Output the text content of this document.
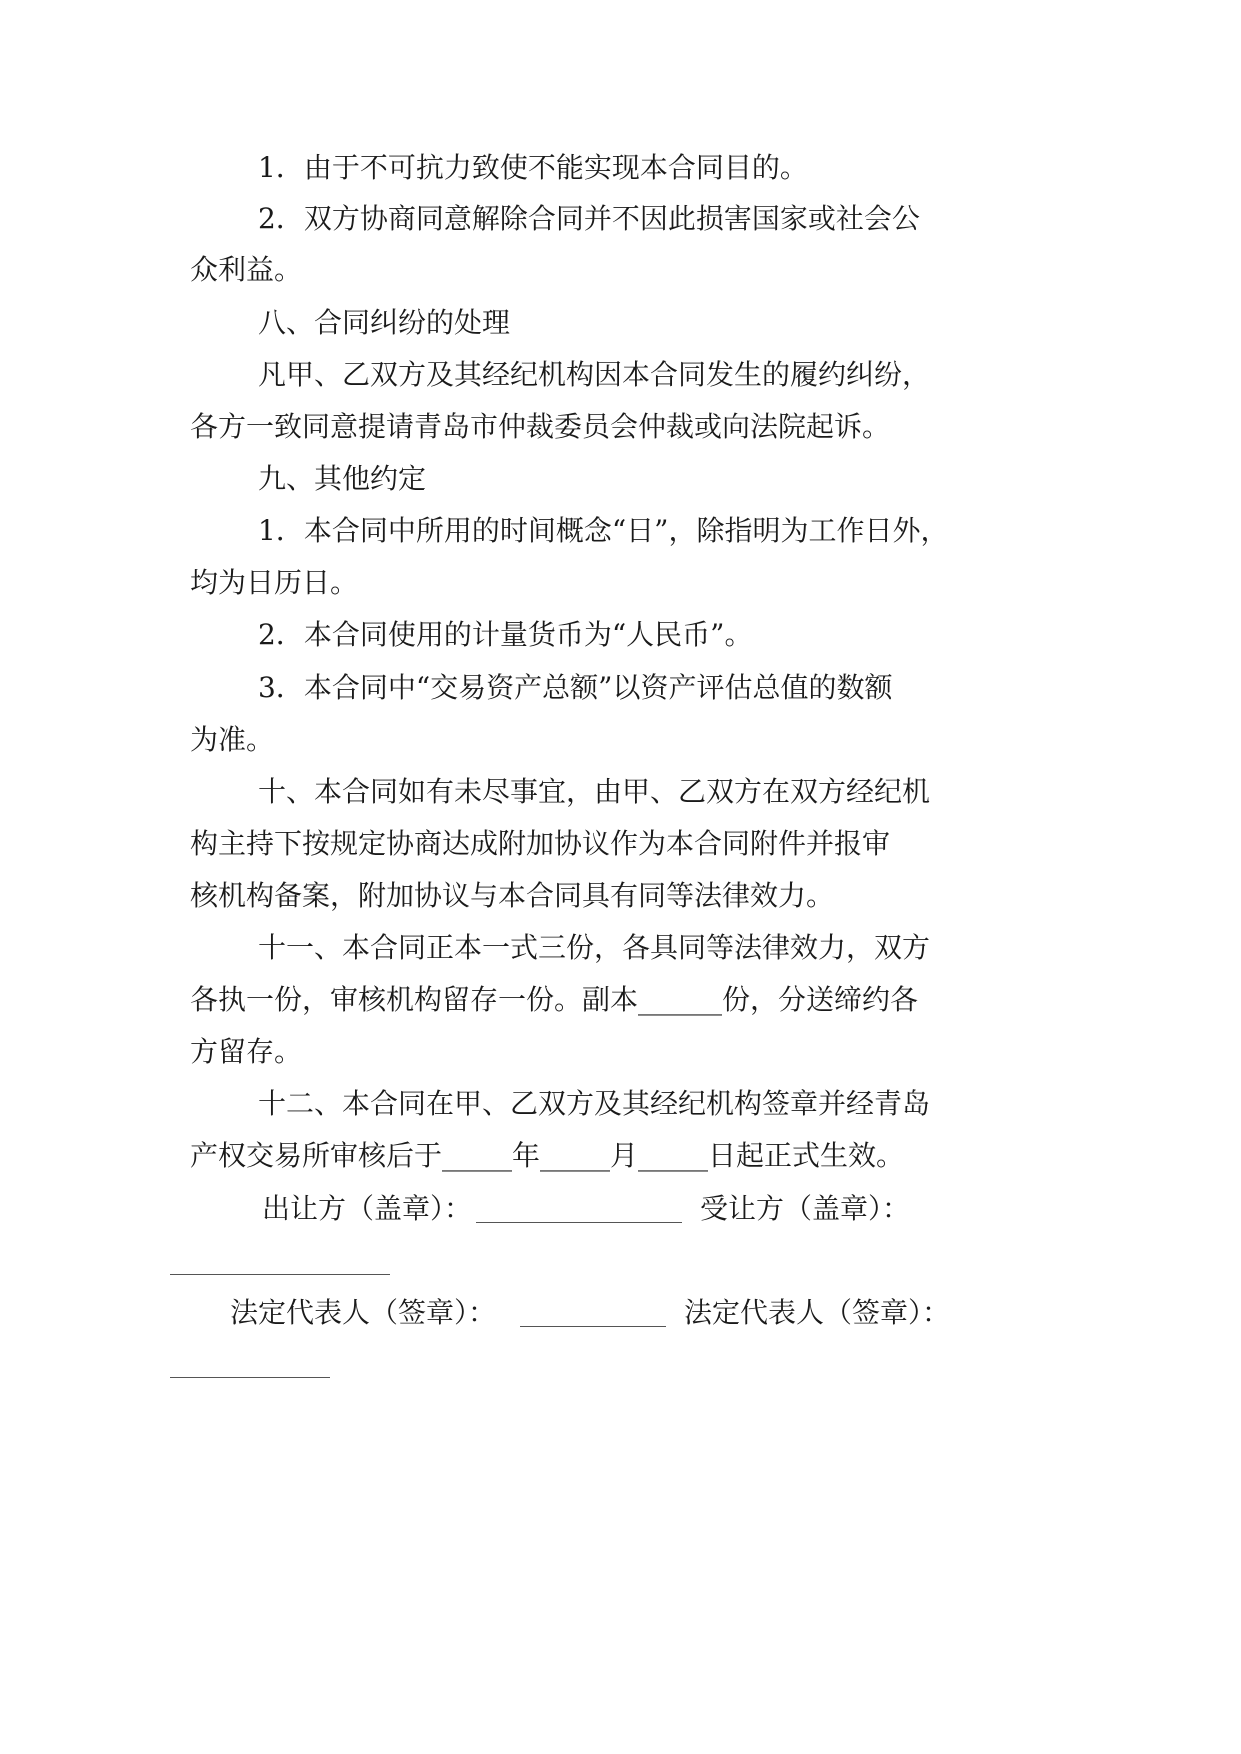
1．由于不可抗力致使不能实现本合同目的。

2．双方协商同意解除合同并不因此损害国家或社会公

众利益。

八、合同纠纷的处理

凡甲、乙双方及其经纪机构因本合同发生的履约纠纷，

各方一致同意提请青岛市仲裁委员会仲裁或向法院起诉。

九、其他约定

1．本合同中所用的时间概念“日”，除指明为工作日外，

均为日历日。

2．本合同使用的计量货币为“人民币”。

3．本合同中“交易资产总额”以资产评估总值的数额

为准。

十、本合同如有未尽事宜，由甲、乙双方在双方经纪机

构主持下按规定协商达成附加协议作为本合同附件并报审

核机构备案，附加协议与本合同具有同等法律效力。

十一、本合同正本一式三份，各具同等法律效力，双方

各执一份，审核机构留存一份。副本______份，分送缔约各

方留存。

十二、本合同在甲、乙双方及其经纪机构签章并经青岛

产权交易所审核后于_____年_____月_____日起正式生效。

出让方（盖章）：	受让方（盖章）：
法定代表人（签章）：	法定代表人（签章）：
